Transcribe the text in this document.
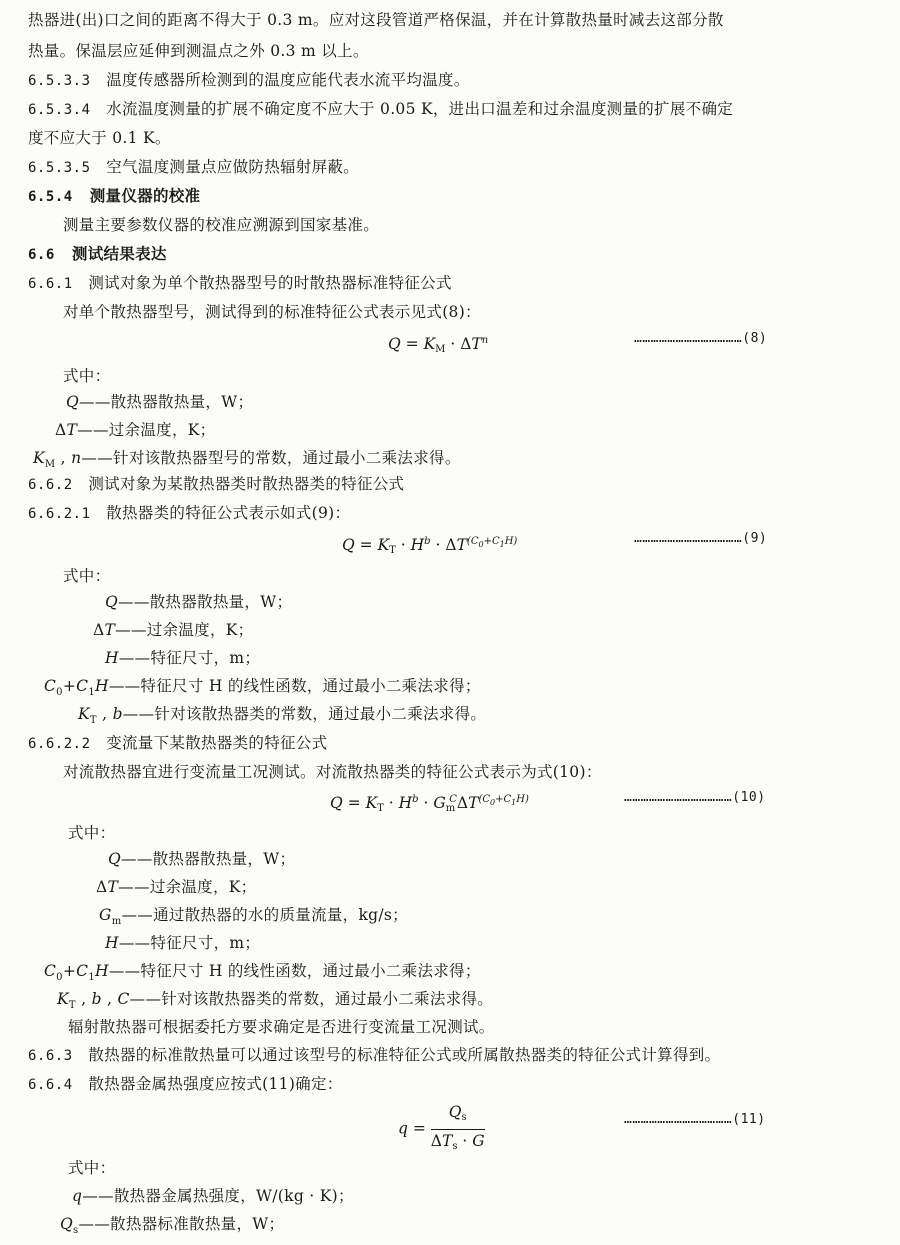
热器进(出)口之间的距离不得大于 0.3 m。应对这段管道严格保温，并在计算散热量时减去这部分散
热量。保温层应延伸到测温点之外 0.3 m 以上。
6.5.3.3 温度传感器所检测到的温度应能代表水流平均温度。
6.5.3.4 水流温度测量的扩展不确定度不应大于 0.05 K，进出口温差和过余温度测量的扩展不确定
度不应大于 0.1 K。
6.5.3.5 空气温度测量点应做防热辐射屏蔽。
6.5.4 测量仪器的校准
测量主要参数仪器的校准应溯源到国家基准。
6.6 测试结果表达
6.6.1 测试对象为单个散热器型号的时散热器标准特征公式
对单个散热器型号，测试得到的标准特征公式表示见式(8)：
$Q = K_M \cdot \Delta T^n$	…………………………………(8)
式中：
Q——散热器散热量，W；
ΔT——过余温度，K；
$K_M$ , n——针对该散热器型号的常数，通过最小二乘法求得。
6.6.2 测试对象为某散热器类时散热器类的特征公式
6.6.2.1 散热器类的特征公式表示如式(9)：
$Q = K_T \cdot H^b \cdot \Delta T^{(C_0+C_1H)}$	…………………………………(9)
式中：
Q——散热器散热量，W；
ΔT——过余温度，K；
H——特征尺寸，m；
$C_0+C_1H——$特征尺寸 H 的线性函数，通过最小二乘法求得；
$K_T$ , b——针对该散热器类的常数，通过最小二乘法求得。
6.6.2.2 变流量下某散热器类的特征公式
对流散热器宜进行变流量工况测试。对流散热器类的特征公式表示为式(10)：
$Q = K_T \cdot H^b \cdot G_m^C\Delta T^{(C_0+C_1H)}$	…………………………………(10)
式中：
Q——散热器散热量，W；
ΔT——过余温度，K；
$G_m——$通过散热器的水的质量流量，kg/s；
H——特征尺寸，m；
$C_0+C_1H——$特征尺寸 H 的线性函数，通过最小二乘法求得；
$K_T$ , b , C——针对该散热器类的常数，通过最小二乘法求得。
辐射散热器可根据委托方要求确定是否进行变流量工况测试。
6.6.3 散热器的标准散热量可以通过该型号的标准特征公式或所属散热器类的特征公式计算得到。
6.6.4 散热器金属热强度应按式(11)确定：
$q = \frac{Q_s}{\Delta T_s \cdot G}$	…………………………………(11)
式中：
q——散热器金属热强度，W/(kg · K)；
$Q_s——$散热器标准散热量，W；
